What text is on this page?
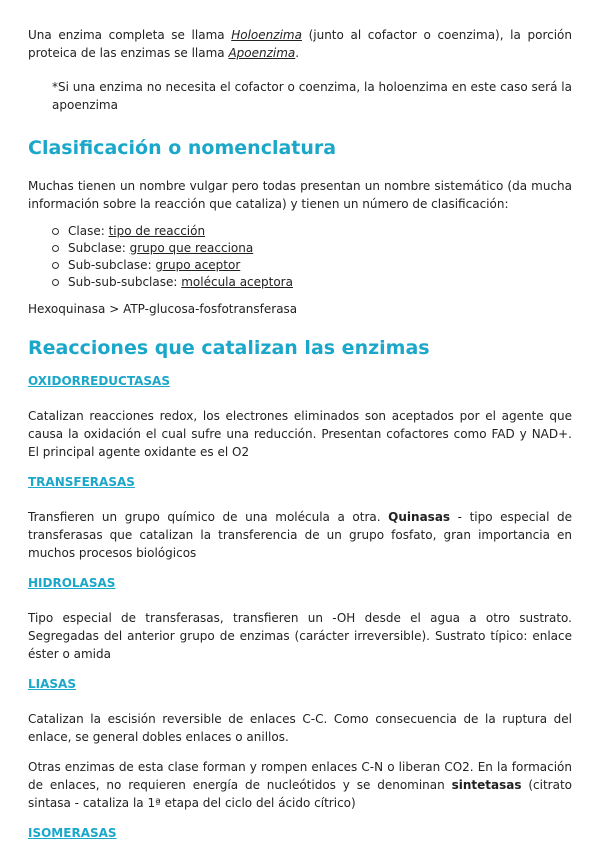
Una enzima completa se llama Holoenzima (junto al cofactor o coenzima), la porción proteica de las enzimas se llama Apoenzima.

*Si una enzima no necesita el cofactor o coenzima, la holoenzima en este caso será la apoenzima

Clasificación o nomenclatura

Muchas tienen un nombre vulgar pero todas presentan un nombre sistemático (da mucha información sobre la reacción que cataliza) y tienen un número de clasificación:

Clase: tipo de reacción
Subclase: grupo que reacciona
Sub-subclase: grupo aceptor
Sub-sub-subclase: molécula aceptora

Hexoquinasa > ATP-glucosa-fosfotransferasa

Reacciones que catalizan las enzimas
OXIDORREDUCTASAS

Catalizan reacciones redox, los electrones eliminados son aceptados por el agente que causa la oxidación el cual sufre una reducción. Presentan cofactores como FAD y NAD+. El principal agente oxidante es el O2

TRANSFERASAS

Transfieren un grupo químico de una molécula a otra. Quinasas - tipo especial de transferasas que catalizan la transferencia de un grupo fosfato, gran importancia en muchos procesos biológicos

HIDROLASAS

Tipo especial de transferasas, transfieren un -OH desde el agua a otro sustrato. Segregadas del anterior grupo de enzimas (carácter irreversible). Sustrato típico: enlace éster o amida

LIASAS

Catalizan la escisión reversible de enlaces C-C. Como consecuencia de la ruptura del enlace, se general dobles enlaces o anillos.

Otras enzimas de esta clase forman y rompen enlaces C-N o liberan CO2. En la formación de enlaces, no requieren energía de nucleótidos y se denominan sintetasas (citrato sintasa - cataliza la 1ª etapa del ciclo del ácido cítrico)

ISOMERASAS
